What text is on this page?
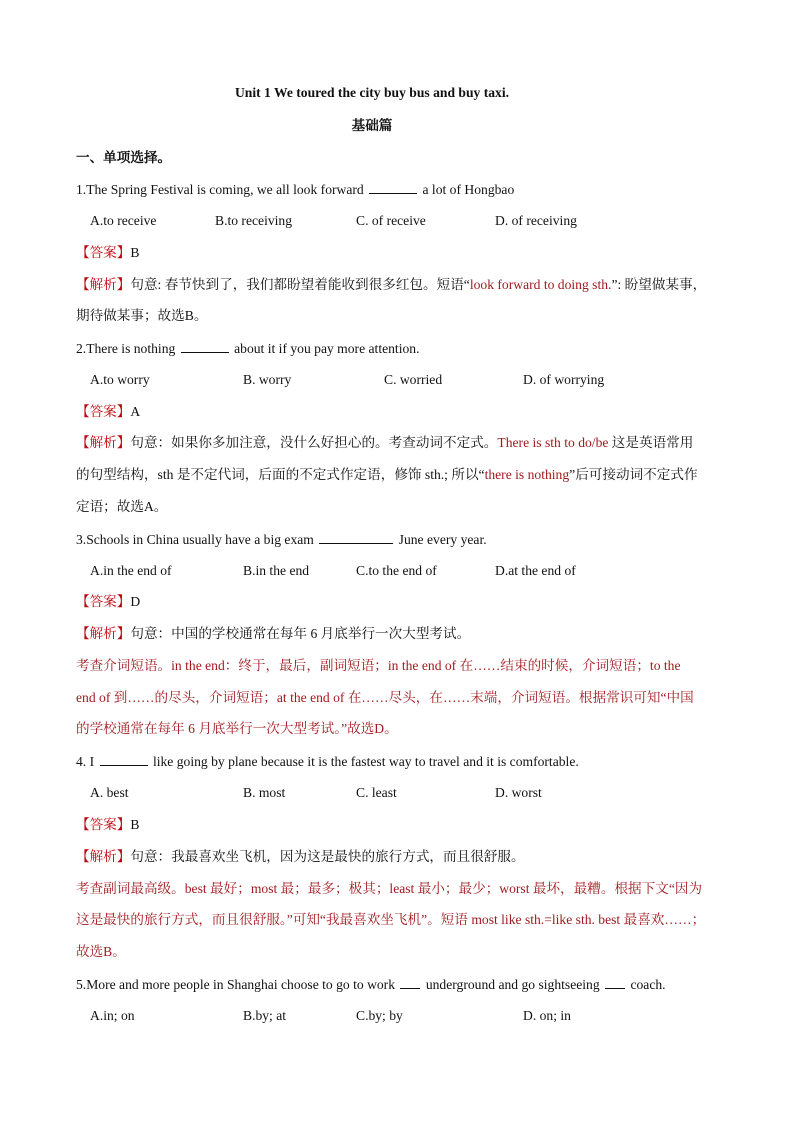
Unit 1 We toured the city buy bus and buy taxi.
基础篇
一、单项选择。
1.The Spring Festival is coming, we all look forward	a lot of Hongbao
A.to receive	B.to receiving	C. of receive	D. of receiving
【答案】B
【解析】句意: 春节快到了，我们都盼望着能收到很多红包。短语“look forward to doing sth.”: 盼望做某事，
期待做某事；故选B。
2.There is nothing	about it if you pay more attention.
A.to worry	B. worry	C. worried	D. of worrying
【答案】A
【解析】句意：如果你多加注意，没什么好担心的。考查动词不定式。There is sth to do/be 这是英语常用
的句型结构，sth 是不定代词，后面的不定式作定语，修饰 sth.; 所以“there is nothing”后可接动词不定式作
定语；故选A。
3.Schools in China usually have a big exam	June every year.
A.in the end of	B.in the end	C.to the end of	D.at the end of
【答案】D
【解析】句意：中国的学校通常在每年 6 月底举行一次大型考试。
考查介词短语。in the end：终于，最后，副词短语；in the end of 在……结束的时候，介词短语；to the
end of 到……的尽头，介词短语；at the end of 在……尽头，在……末端，介词短语。根据常识可知“中国
的学校通常在每年 6 月底举行一次大型考试。”故选D。
4. I	like going by plane because it is the fastest way to travel and it is comfortable.
A. best	B. most	C. least	D. worst
【答案】B
【解析】句意：我最喜欢坐飞机，因为这是最快的旅行方式，而且很舒服。
考查副词最高级。best 最好；most 最；最多；极其；least 最小；最少；worst 最坏，最糟。根据下文“因为
这是最快的旅行方式，而且很舒服。”可知“我最喜欢坐飞机”。短语 most like sth.=like sth. best 最喜欢……；
故选B。
5.More and more people in Shanghai choose to go to work underground and go sightseeing coach.
A.in; on	B.by; at	C.by; by	D. on; in
